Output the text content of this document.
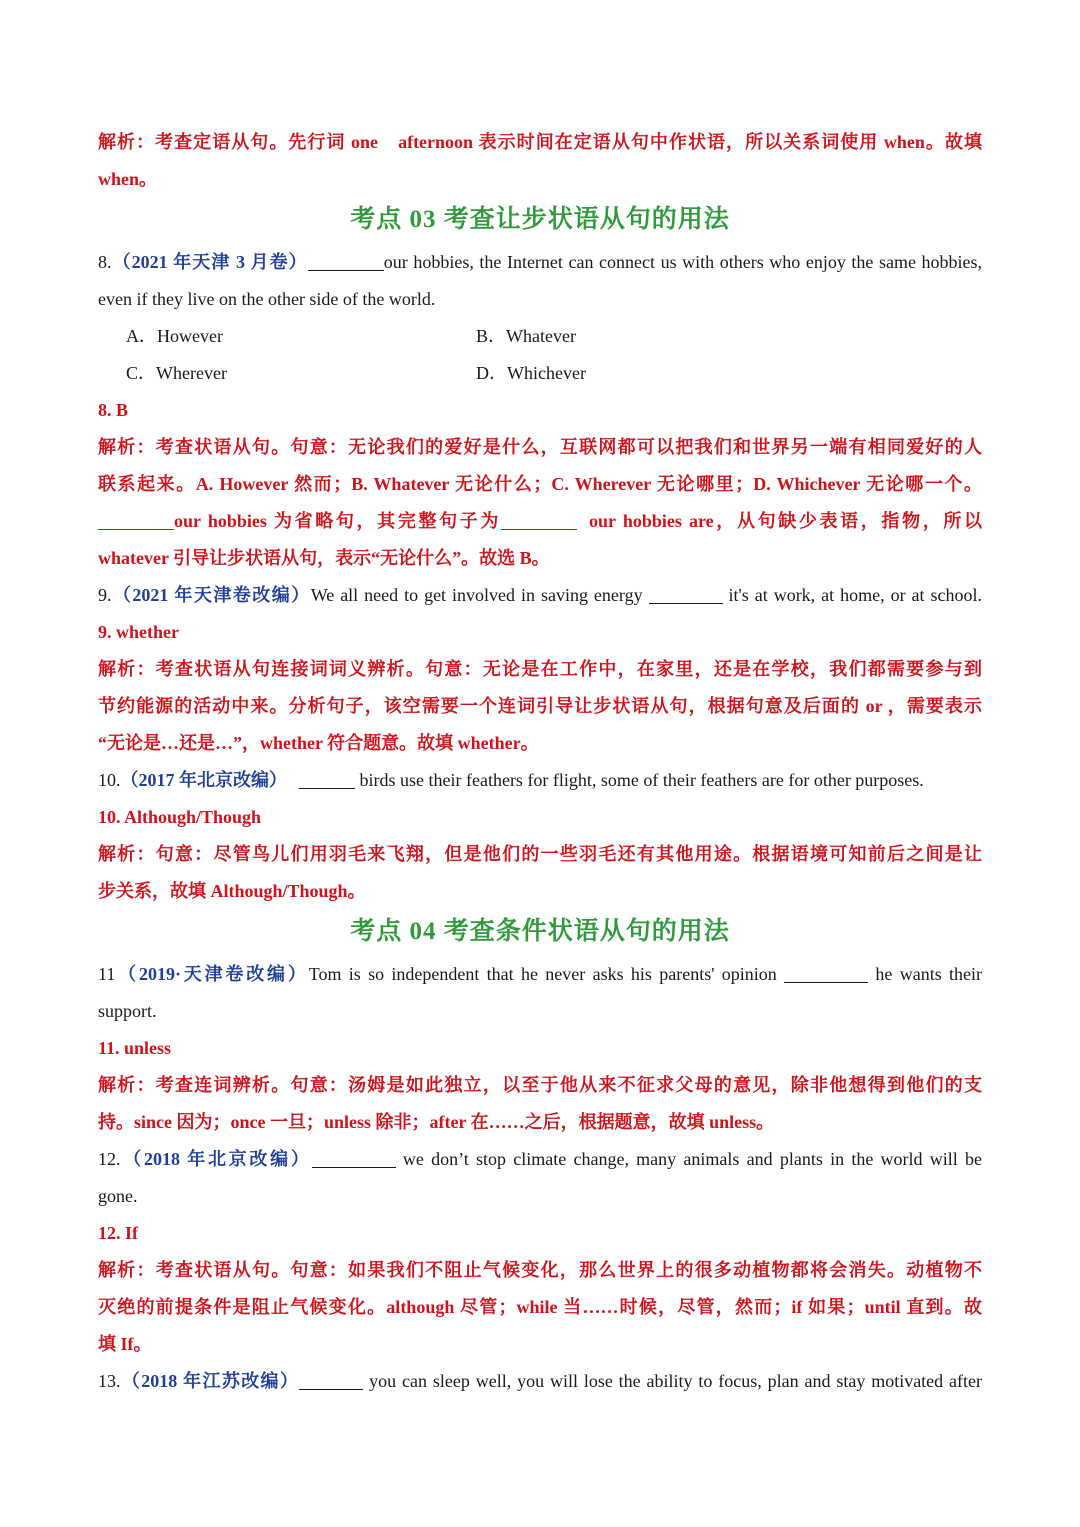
解析：考查定语从句。先行词 one　afternoon 表示时间在定语从句中作状语，所以关系词使用 when。故填
when。
考点 03 考查让步状语从句的用法
8.（2021 年天津 3 月卷）	our hobbies, the Internet can connect us with others who enjoy the same hobbies,
even if they live on the other side of the world.
A．However	B．Whatever
C．Wherever	D．Whichever
8. B
解析：考查状语从句。句意：无论我们的爱好是什么，互联网都可以把我们和世界另一端有相同爱好的人
联系起来。A. However 然而；B. Whatever 无论什么；C. Wherever 无论哪里；D. Whichever 无论哪一个。
our hobbies 为省略句，其完整句子为	our hobbies are，从句缺少表语，指物，所以
whatever 引导让步状语从句，表示“无论什么”。故选 B。
9.（2021 年天津卷改编）We all need to get involved in saving energy	it's at work, at home, or at school.
9. whether
解析：考查状语从句连接词词义辨析。句意：无论是在工作中，在家里，还是在学校，我们都需要参与到
节约能源的活动中来。分析句子，该空需要一个连词引导让步状语从句，根据句意及后面的 or ，需要表示
“无论是…还是…”，whether 符合题意。故填 whether。
10.（2017 年北京改编）	birds use their feathers for flight, some of their feathers are for other purposes.
10. Although/Though
解析：句意：尽管鸟儿们用羽毛来飞翔，但是他们的一些羽毛还有其他用途。根据语境可知前后之间是让
步关系，故填 Although/Though。
考点 04 考查条件状语从句的用法
11（2019·天津卷改编）Tom is so independent that he never asks his parents' opinion	he wants their
support.
11. unless
解析：考查连词辨析。句意：汤姆是如此独立，以至于他从来不征求父母的意见，除非他想得到他们的支
持。since 因为；once 一旦；unless 除非；after 在……之后，根据题意，故填 unless。
12.（2018 年北京改编）	we don’t stop climate change, many animals and plants in the world will be
gone.
12. If
解析：考查状语从句。句意：如果我们不阻止气候变化，那么世界上的很多动植物都将会消失。动植物不
灭绝的前提条件是阻止气候变化。although 尽管；while 当……时候，尽管，然而；if 如果；until 直到。故
填 If。
13.（2018 年江苏改编）	you can sleep well, you will lose the ability to focus, plan and stay motivated after
